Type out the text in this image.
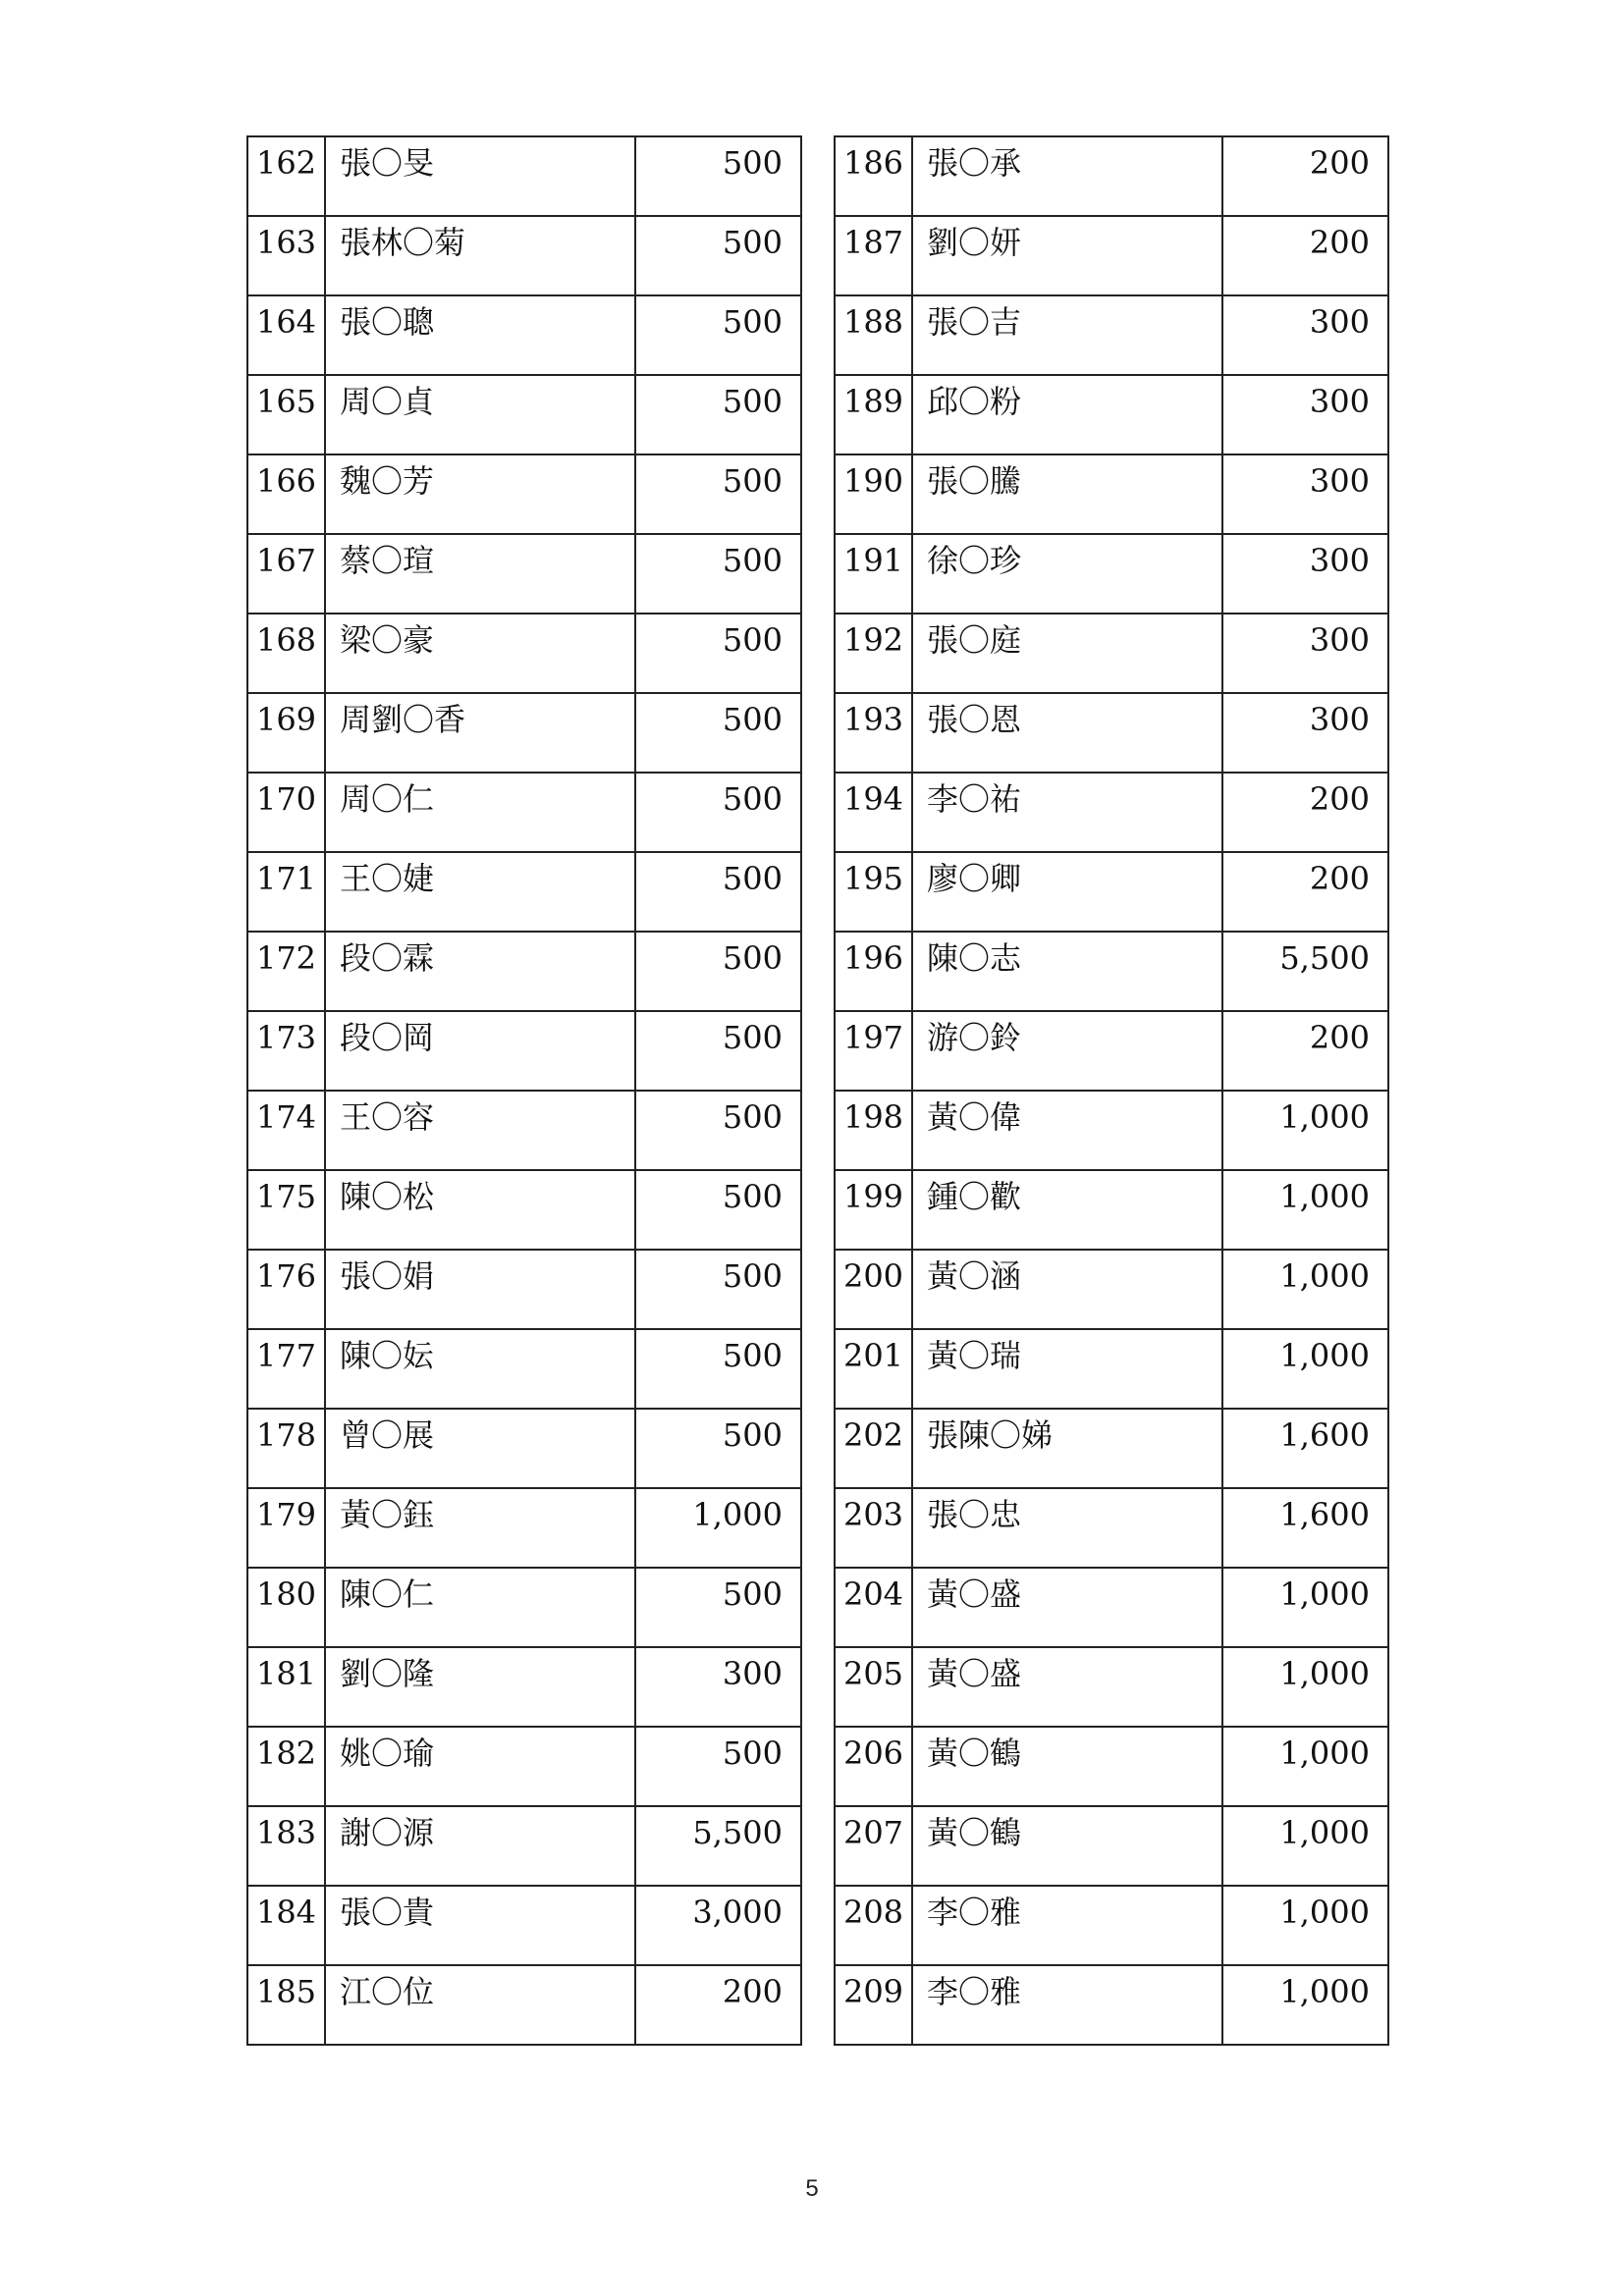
162	張〇旻	500
163	張林〇菊	500
164	張〇聰	500
165	周〇貞	500
166	魏〇芳	500
167	蔡〇瑄	500
168	梁〇豪	500
169	周劉〇香	500
170	周〇仁	500
171	王〇婕	500
172	段〇霖	500
173	段〇岡	500
174	王〇容	500
175	陳〇松	500
176	張〇娟	500
177	陳〇妘	500
178	曾〇展	500
179	黃〇鈺	1,000
180	陳〇仁	500
181	劉〇隆	300
182	姚〇瑜	500
183	謝〇源	5,500
184	張〇貴	3,000
185	江〇位	200
186	張〇承	200
187	劉〇妍	200
188	張〇吉	300
189	邱〇粉	300
190	張〇騰	300
191	徐〇珍	300
192	張〇庭	300
193	張〇恩	300
194	李〇祐	200
195	廖〇卿	200
196	陳〇志	5,500
197	游〇鈴	200
198	黃〇偉	1,000
199	鍾〇歡	1,000
200	黃〇涵	1,000
201	黃〇瑞	1,000
202	張陳〇娣	1,600
203	張〇忠	1,600
204	黃〇盛	1,000
205	黃〇盛	1,000
206	黃〇鶴	1,000
207	黃〇鶴	1,000
208	李〇雅	1,000
209	李〇雅	1,000
5
